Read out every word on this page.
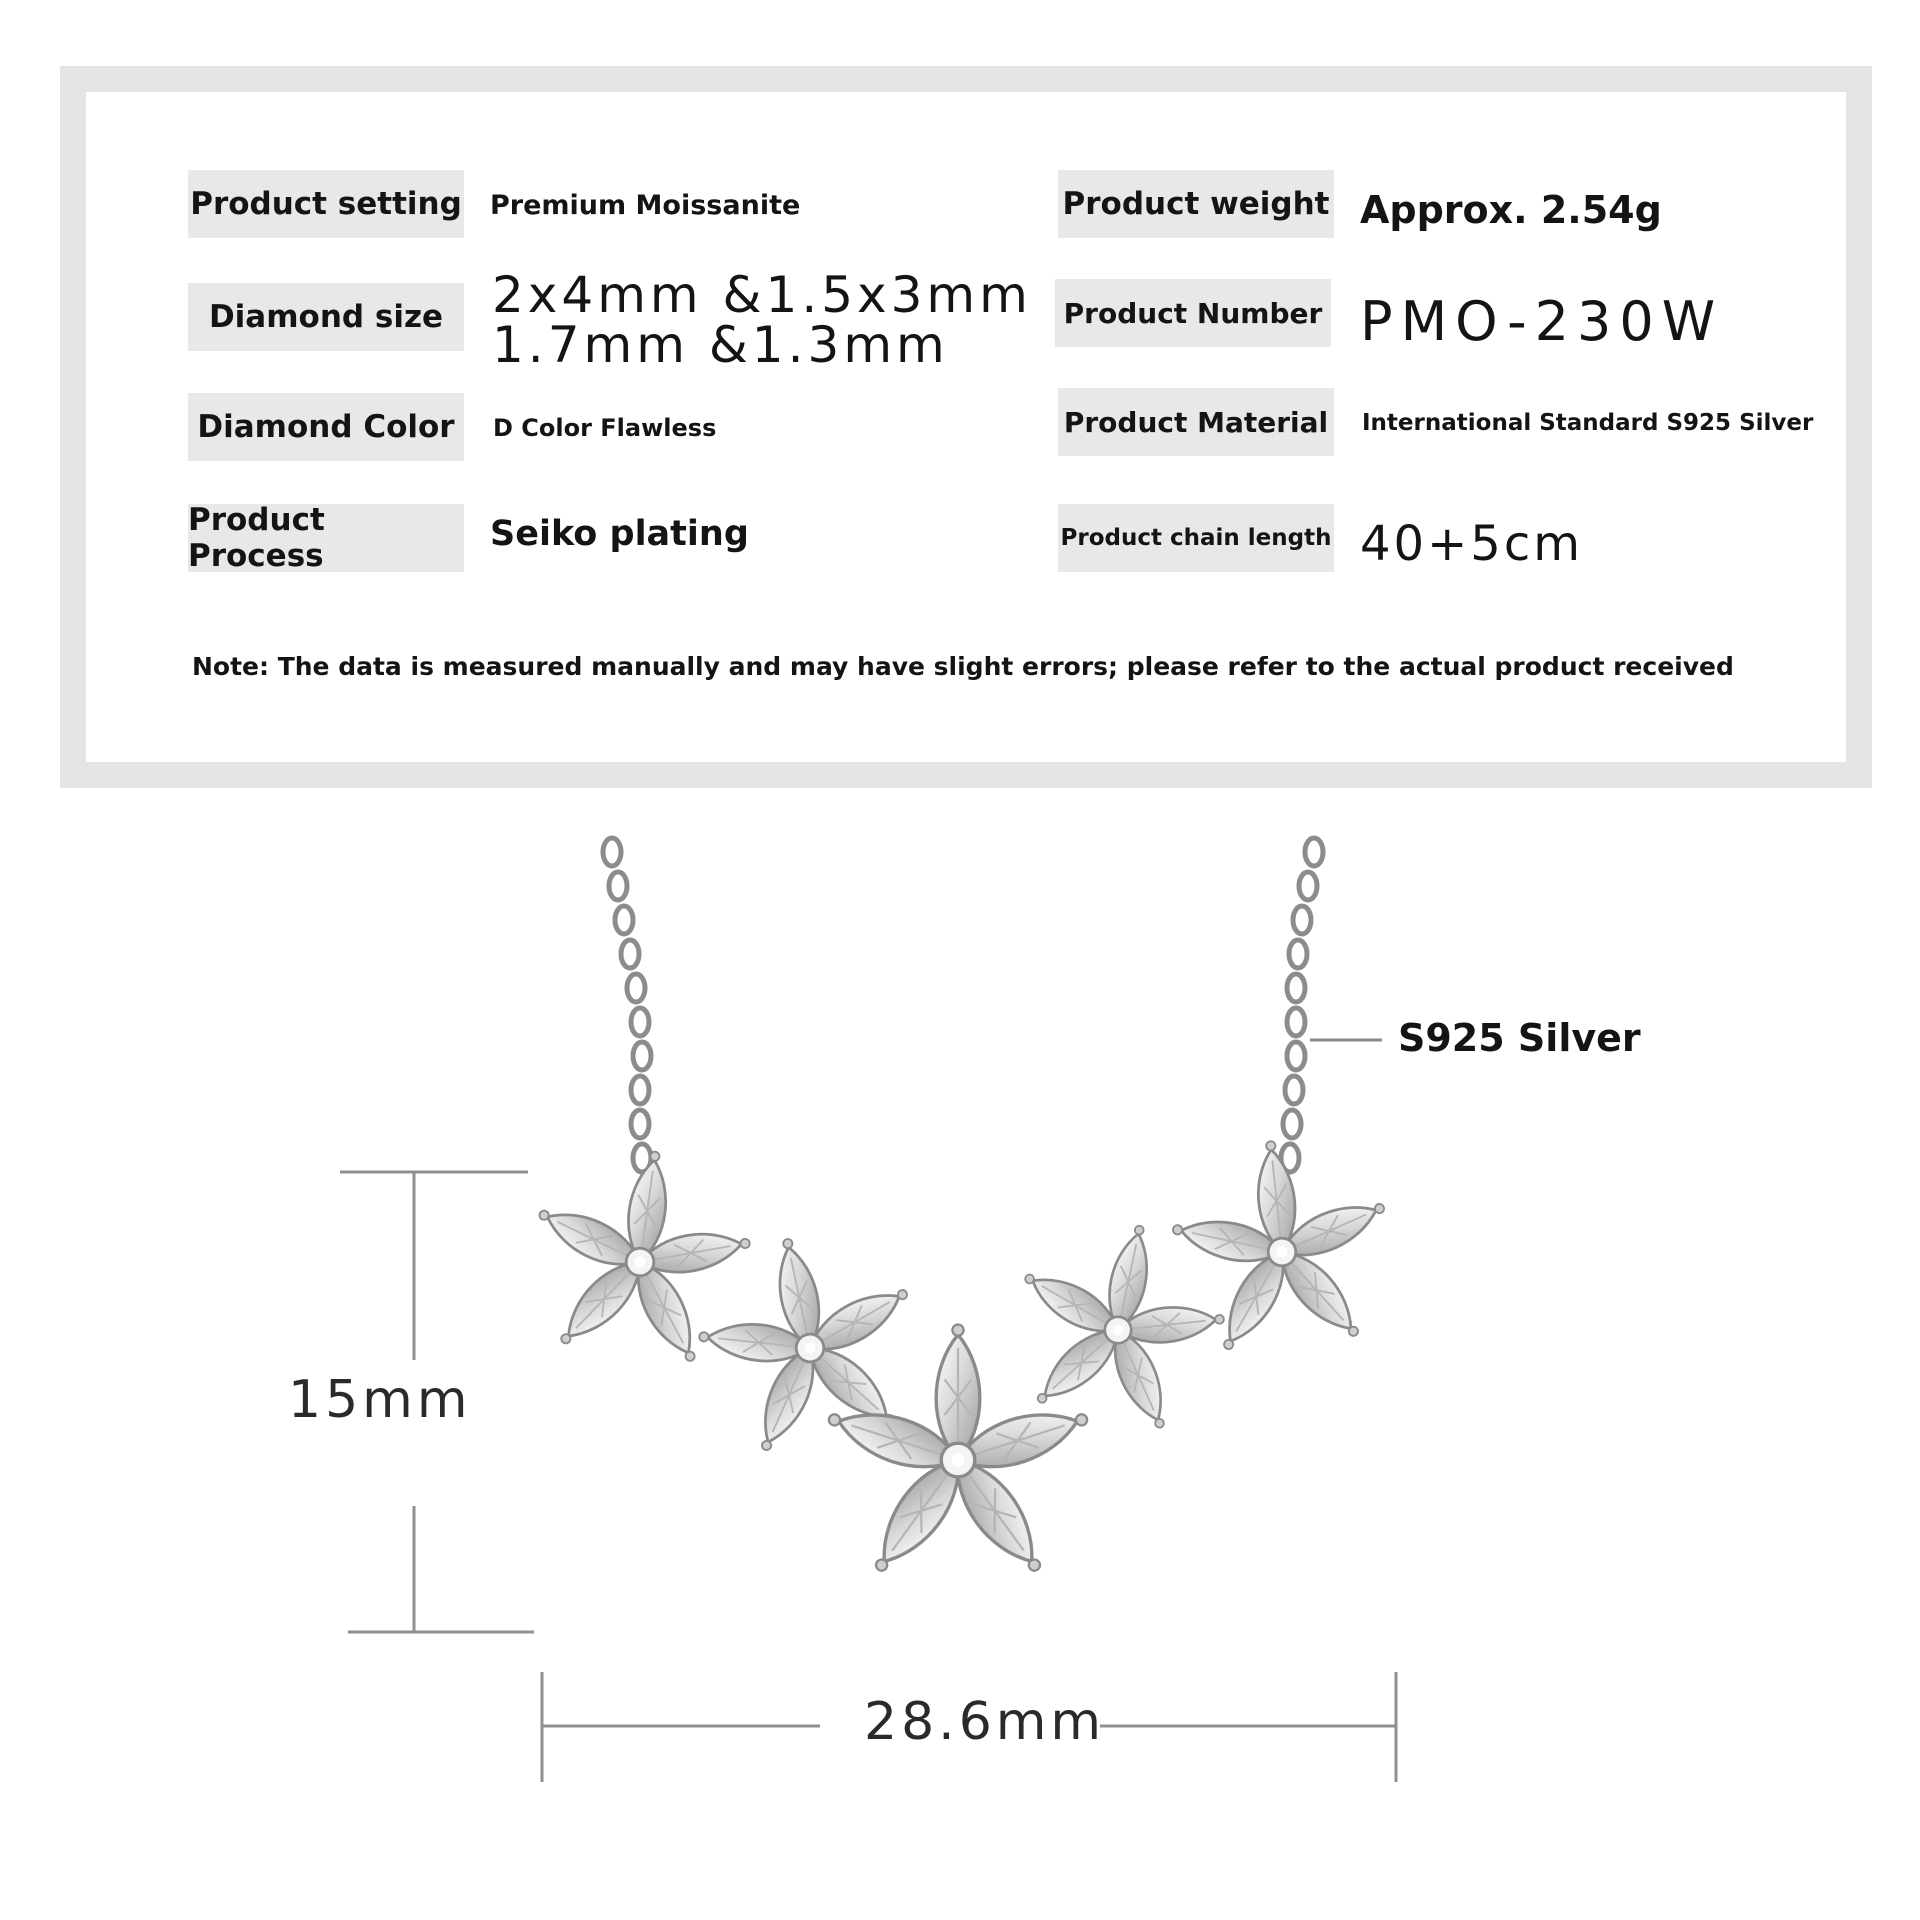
Product setting
Diamond size
Diamond Color
Product Process
Premium Moissanite
2x4mm &1.5x3mm
1.7mm &1.3mm
D Color Flawless
Seiko plating
Product weight
Product Number
Product Material
Product chain length
Approx. 2.54g
PMO-230W
International Standard S925 Silver
40+5cm
Note: The data is measured manually and may have slight errors; please refer to the actual product received
S925 Silver
15mm
28.6mm
